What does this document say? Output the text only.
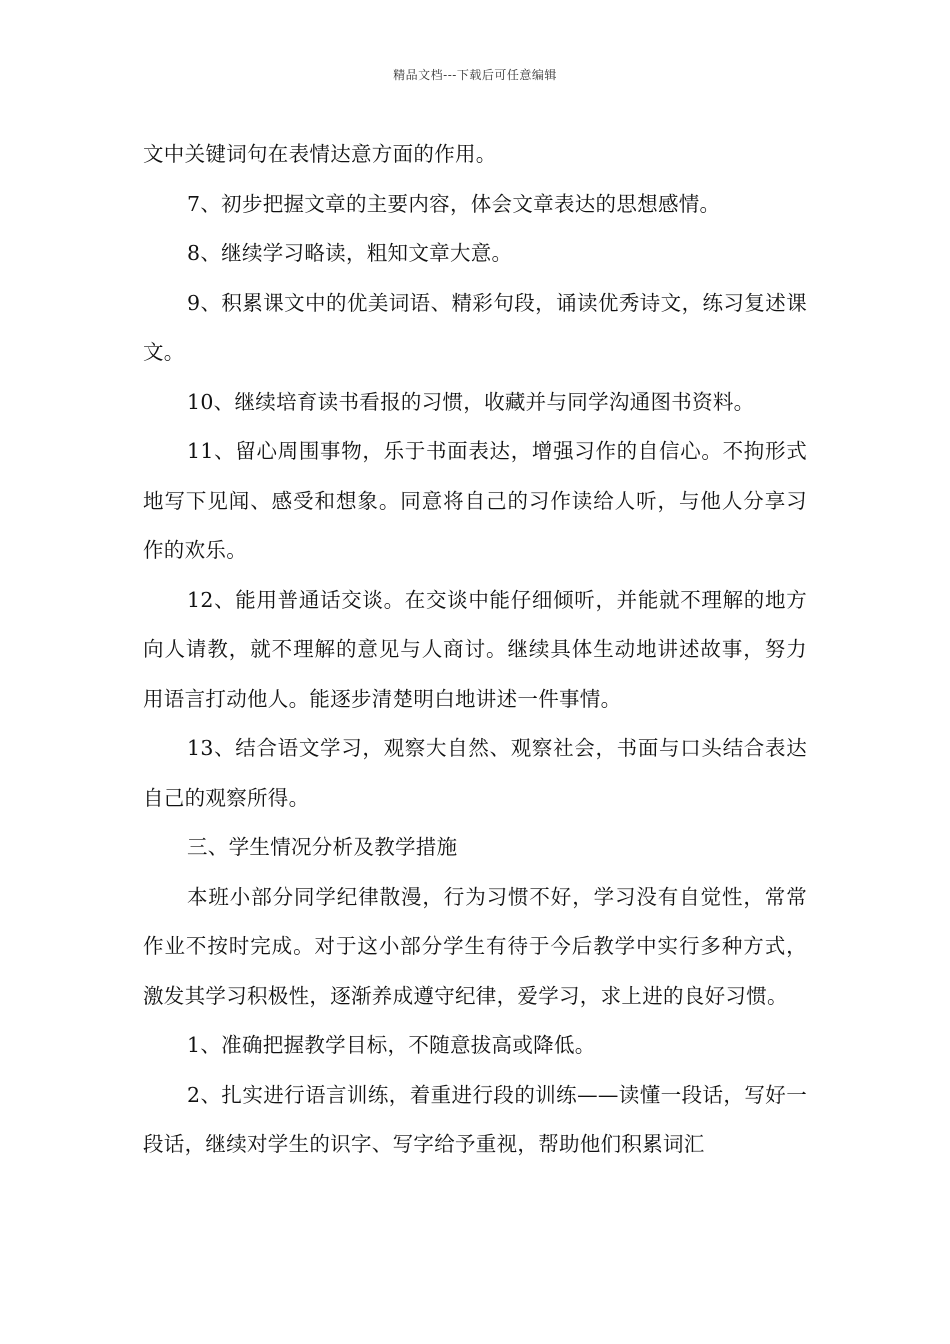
精品文档---下载后可任意编辑

文中关键词句在表情达意方面的作用。

7、初步把握文章的主要内容，体会文章表达的思想感情。

8、继续学习略读，粗知文章大意。

9、积累课文中的优美词语、精彩句段，诵读优秀诗文，练习复述课文。

10、继续培育读书看报的习惯，收藏并与同学沟通图书资料。

11、留心周围事物，乐于书面表达，增强习作的自信心。不拘形式地写下见闻、感受和想象。同意将自己的习作读给人听，与他人分享习作的欢乐。

12、能用普通话交谈。在交谈中能仔细倾听，并能就不理解的地方向人请教，就不理解的意见与人商讨。继续具体生动地讲述故事，努力用语言打动他人。能逐步清楚明白地讲述一件事情。

13、结合语文学习，观察大自然、观察社会，书面与口头结合表达自己的观察所得。

三、学生情况分析及教学措施

本班小部分同学纪律散漫，行为习惯不好，学习没有自觉性，常常作业不按时完成。对于这小部分学生有待于今后教学中实行多种方式，激发其学习积极性，逐渐养成遵守纪律，爱学习，求上进的良好习惯。

1、准确把握教学目标，不随意拔高或降低。

2、扎实进行语言训练，着重进行段的训练——读懂一段话，写好一段话，继续对学生的识字、写字给予重视，帮助他们积累词汇
